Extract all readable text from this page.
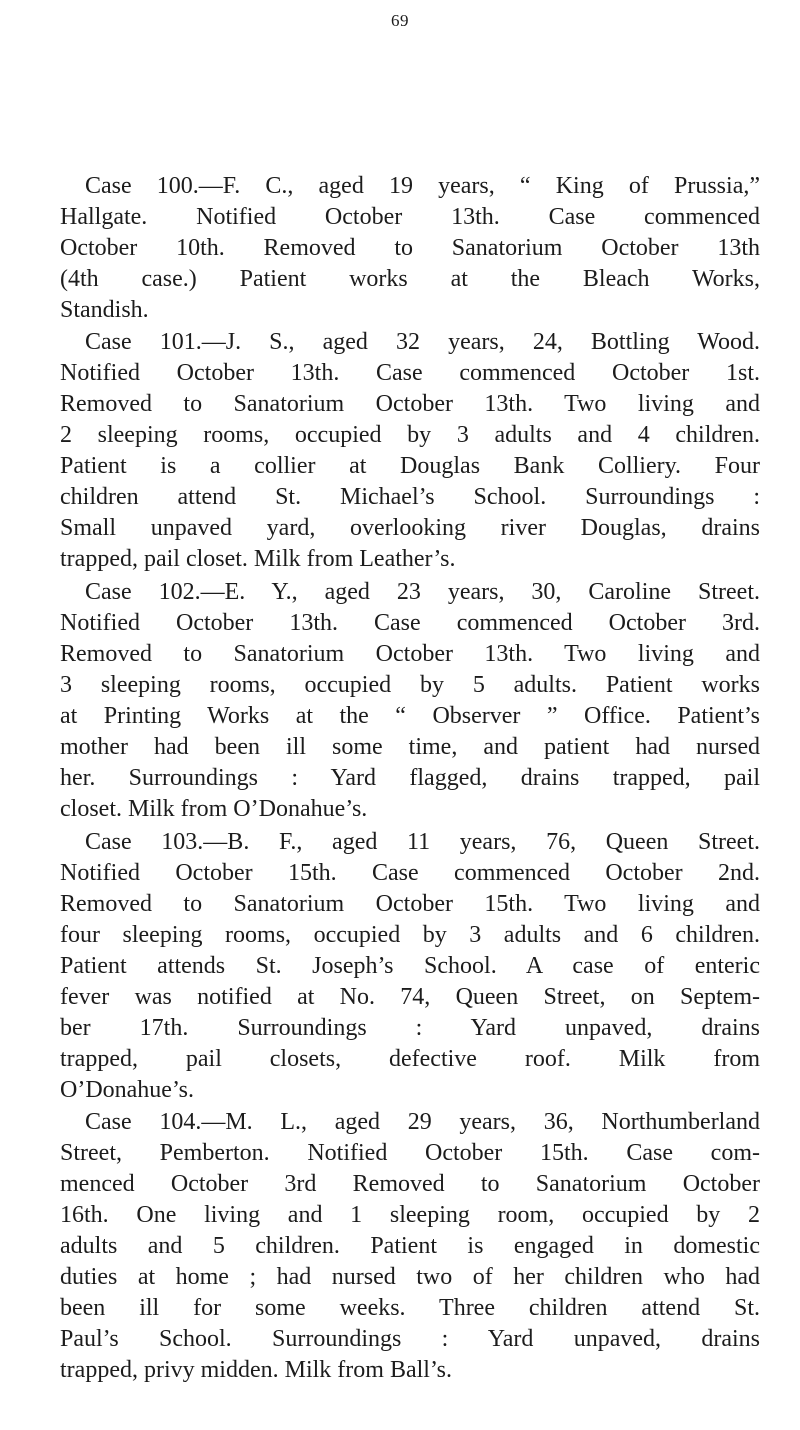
69
Case 100.—F. C., aged 19 years, “ King of Prussia,”
Hallgate. Notified October 13th. Case commenced
October 10th. Removed to Sanatorium October 13th
(4th case.) Patient works at the Bleach Works,
Standish.
Case 101.—J. S., aged 32 years, 24, Bottling Wood.
Notified October 13th. Case commenced October 1st.
Removed to Sanatorium October 13th. Two living and
2 sleeping rooms, occupied by 3 adults and 4 children.
Patient is a collier at Douglas Bank Colliery. Four
children attend St. Michael’s School. Surroundings :
Small unpaved yard, overlooking river Douglas, drains
trapped, pail closet. Milk from Leather’s.
Case 102.—E. Y., aged 23 years, 30, Caroline Street.
Notified October 13th. Case commenced October 3rd.
Removed to Sanatorium October 13th. Two living and
3 sleeping rooms, occupied by 5 adults. Patient works
at Printing Works at the “ Observer ” Office. Patient’s
mother had been ill some time, and patient had nursed
her. Surroundings : Yard flagged, drains trapped, pail
closet. Milk from O’Donahue’s.
Case 103.—B. F., aged 11 years, 76, Queen Street.
Notified October 15th. Case commenced October 2nd.
Removed to Sanatorium October 15th. Two living and
four sleeping rooms, occupied by 3 adults and 6 children.
Patient attends St. Joseph’s School. A case of enteric
fever was notified at No. 74, Queen Street, on Septem-
ber 17th. Surroundings : Yard unpaved, drains
trapped, pail closets, defective roof. Milk from
O’Donahue’s.
Case 104.—M. L., aged 29 years, 36, Northumberland
Street, Pemberton. Notified October 15th. Case com-
menced October 3rd Removed to Sanatorium October
16th. One living and 1 sleeping room, occupied by 2
adults and 5 children. Patient is engaged in domestic
duties at home ; had nursed two of her children who had
been ill for some weeks. Three children attend St.
Paul’s School. Surroundings : Yard unpaved, drains
trapped, privy midden. Milk from Ball’s.
